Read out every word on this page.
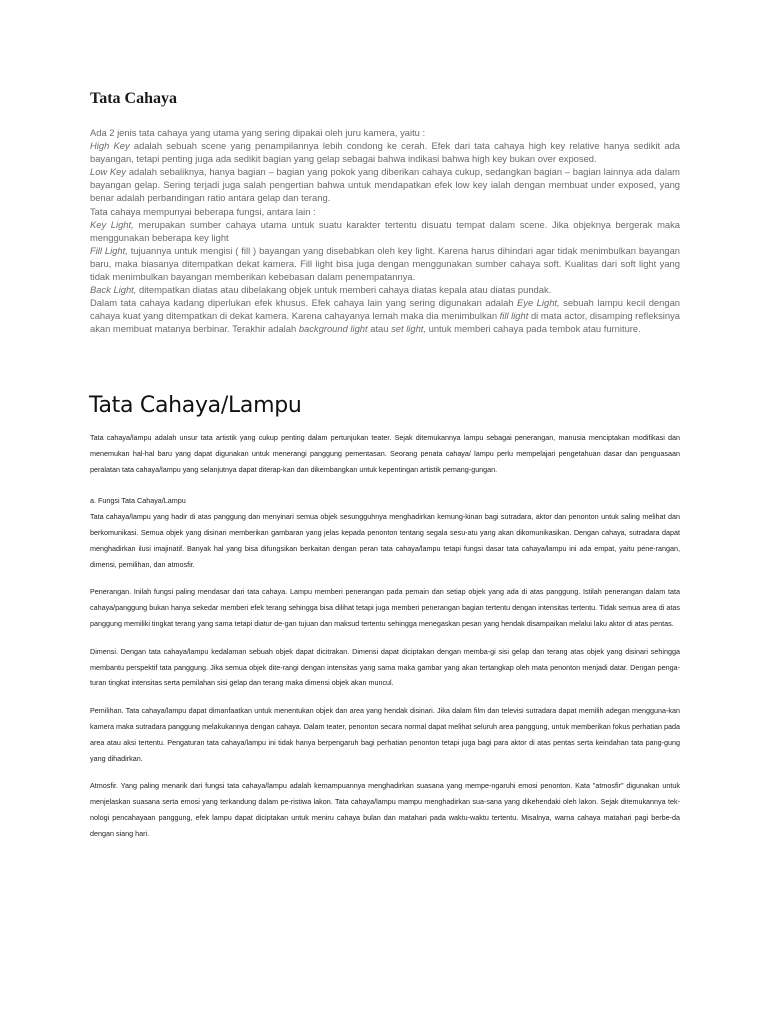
Tata Cahaya

Ada 2 jenis tata cahaya yang utama yang sering dipakai oleh juru kamera, yaitu :

High Key adalah sebuah scene yang penampilannya lebih condong ke cerah. Efek dari tata cahaya high key relative hanya sedikit ada bayangan, tetapi penting juga ada sedikit bagian yang gelap sebagai bahwa indikasi bahwa high key bukan over exposed.

Low Key adalah sebaliknya, hanya bagian – bagian yang pokok yang diberikan cahaya cukup, sedangkan bagian – bagian lainnya ada dalam bayangan gelap. Sering terjadi juga salah pengertian bahwa untuk mendapatkan efek low key ialah dengan membuat under exposed, yang benar adalah perbandingan ratio antara gelap dan terang.

Tata cahaya mempunyai beberapa fungsi, antara lain :

Key Light, merupakan sumber cahaya utama untuk suatu karakter tertentu disuatu tempat dalam scene. Jika objeknya bergerak maka menggunakan beberapa key light

Fill Light, tujuannya untuk mengisi ( fill ) bayangan yang disebabkan oleh key light. Karena harus dihindari agar tidak menimbulkan bayangan baru, maka biasanya ditempatkan dekat kamera. Fill light bisa juga dengan menggunakan sumber cahaya soft. Kualitas dari soft light yang tidak menimbulkan bayangan memberikan kebebasan dalam penempatannya.

Back Light, ditempatkan diatas atau dibelakang objek untuk memberi cahaya diatas kepala atau diatas pundak.

Dalam tata cahaya kadang diperlukan efek khusus. Efek cahaya lain yang sering digunakan adalah Eye Light, sebuah lampu kecil dengan cahaya kuat yang ditempatkan di dekat kamera. Karena cahayanya lemah maka dia menimbulkan fill light di mata actor, disamping refleksinya akan membuat matanya berbinar. Terakhir adalah background light atau set light, untuk memberi cahaya pada tembok atau furniture.

Tata Cahaya/Lampu

Tata cahaya/lampu adalah unsur tata artistik yang cukup penting dalam pertunjukan teater. Sejak ditemukannya lampu sebagai penerangan, manusia menciptakan modifikasi dan menemukan hal-hal baru yang dapat digunakan untuk menerangi panggung pementasan. Seorang penata cahaya/ lampu perlu mempelajari pengetahuan dasar dan penguasaan peralatan tata cahaya/lampu yang selanjutnya dapat diterap-kan dan dikembangkan untuk kepentingan artistik pemang-gungan.

a. Fungsi Tata Cahaya/Lampu

Tata cahaya/lampu yang hadir di atas panggung dan menyinari semua objek sesungguhnya menghadirkan kemung-kinan bagi sutradara, aktor dan penonton untuk saling melihat dan berkomunikasi. Semua objek yang disinari memberikan gambaran yang jelas kepada penonton tentang segala sesu-atu yang akan dikomunikasikan. Dengan cahaya, sutradara dapat menghadirkan ilusi imajinatif. Banyak hal yang bisa difungsikan berkaitan dengan peran tata cahaya/lampu tetapi fungsi dasar tata cahaya/lampu ini ada empat, yaitu pene-rangan, dimensi, pemilihan, dan atmosfir.

Penerangan. Inilah fungsi paling mendasar dari tata cahaya. Lampu memberi penerangan pada pemain dan setiap objek yang ada di atas panggung. Istilah penerangan dalam tata cahaya/panggung bukan hanya sekedar memberi efek terang sehingga bisa dilihat tetapi juga memberi penerangan bagian tertentu dengan intensitas tertentu. Tidak semua area di atas panggung memiliki tingkat terang yang sama tetapi diatur de-gan tujuan dan maksud tertentu sehingga menegaskan pesan yang hendak disampaikan melalui laku aktor di atas pentas.

Dimensi. Dengan tata cahaya/lampu kedalaman sebuah objek dapat dicitrakan. Dimensi dapat diciptakan dengan memba-gi sisi gelap dan terang atas objek yang disinari sehingga membantu perspektif tata panggung. Jika semua objek dite-rangi dengan intensitas yang sama maka gambar yang akan tertangkap oleh mata penonton menjadi datar. Dengan penga-turan tingkat intensitas serta pemilahan sisi gelap dan terang maka dimensi objek akan muncul.

Pemilihan. Tata cahaya/lampu dapat dimanfaatkan untuk menentukan objek dan area yang hendak disinari. Jika dalam film dan televisi sutradara dapat memilih adegan mengguna-kan kamera maka sutradara panggung melakukannya dengan cahaya. Dalam teater, penonton secara normal dapat melihat seluruh area panggung, untuk memberikan fokus perhatian pada area atau aksi tertentu. Pengaturan tata cahaya/lampu ini tidak hanya berpengaruh bagi perhatian penonton tetapi juga bagi para aktor di atas pentas serta keindahan tata pang-gung yang dihadirkan.

Atmosfir. Yang paling menarik dari fungsi tata cahaya/lampu adalah kemampuannya menghadirkan suasana yang mempe-ngaruhi emosi penonton. Kata "atmosfir" digunakan untuk menjelaskan suasana serta emosi yang terkandung dalam pe-ristiwa lakon. Tata cahaya/lampu mampu menghadirkan sua-sana yang dikehendaki oleh lakon. Sejak ditemukannya tek-nologi pencahayaan panggung, efek lampu dapat diciptakan untuk meniru cahaya bulan dan matahari pada waktu-waktu tertentu. Misalnya, warna cahaya matahari pagi berbe-da dengan siang hari.
